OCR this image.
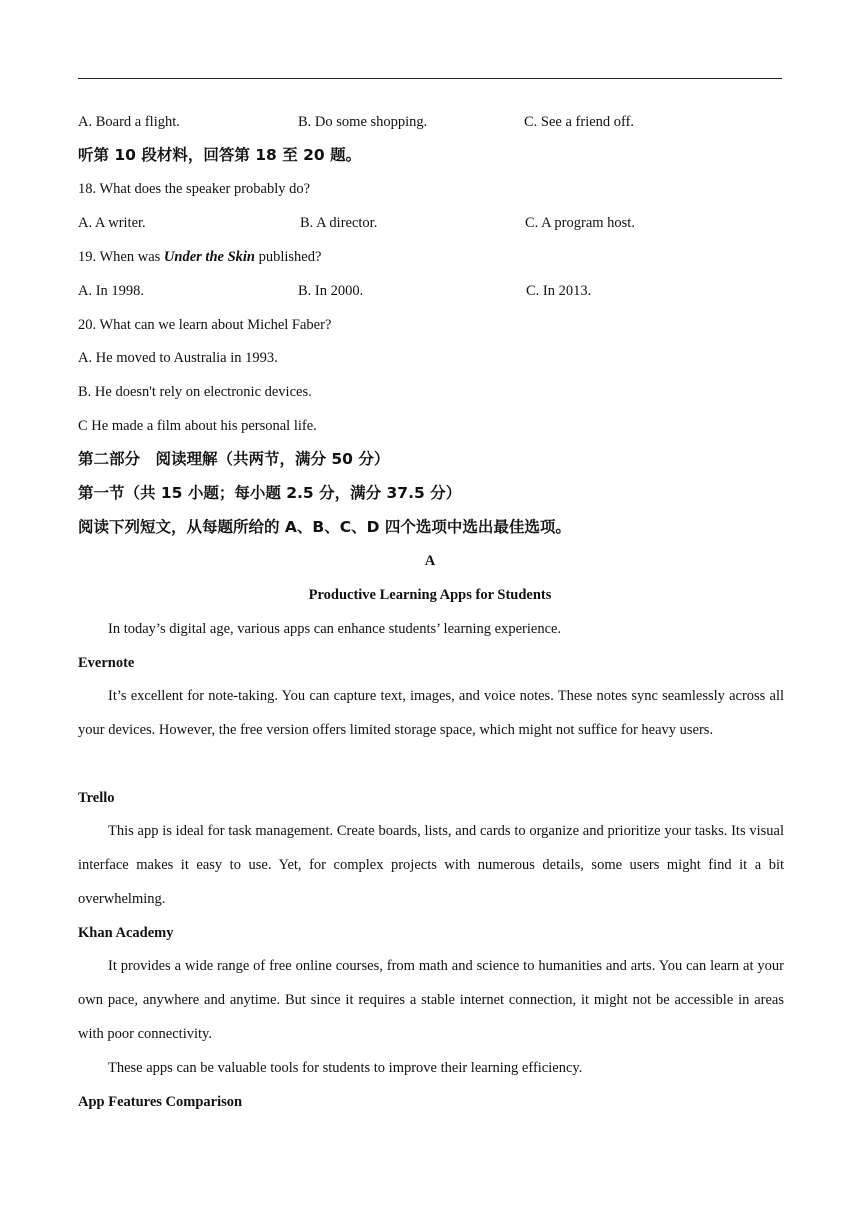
A. Board a flight.	B. Do some shopping.	C. See a friend off.
听第 10 段材料，回答第 18 至 20 题。
18. What does the speaker probably do?
A. A writer.	B. A director.	C. A program host.
19. When was Under the Skin published?
A. In 1998.	B. In 2000.	C. In 2013.
20. What can we learn about Michel Faber?
A. He moved to Australia in 1993.
B. He doesn't rely on electronic devices.
C He made a film about his personal life.
第二部分　阅读理解（共两节，满分 50 分）
第一节（共 15 小题；每小题 2.5 分，满分 37.5 分）
阅读下列短文，从每题所给的 A、B、C、D 四个选项中选出最佳选项。
A
Productive Learning Apps for Students
In today’s digital age, various apps can enhance students’ learning experience.
Evernote
It’s excellent for note-taking. You can capture text, images, and voice notes. These notes sync seamlessly across all your devices. However, the free version offers limited storage space, which might not suffice for heavy users.
Trello
This app is ideal for task management. Create boards, lists, and cards to organize and prioritize your tasks. Its visual interface makes it easy to use. Yet, for complex projects with numerous details, some users might find it a bit overwhelming.
Khan Academy
It provides a wide range of free online courses, from math and science to humanities and arts. You can learn at your own pace, anywhere and anytime. But since it requires a stable internet connection, it might not be accessible in areas with poor connectivity.
These apps can be valuable tools for students to improve their learning efficiency.
App Features Comparison
